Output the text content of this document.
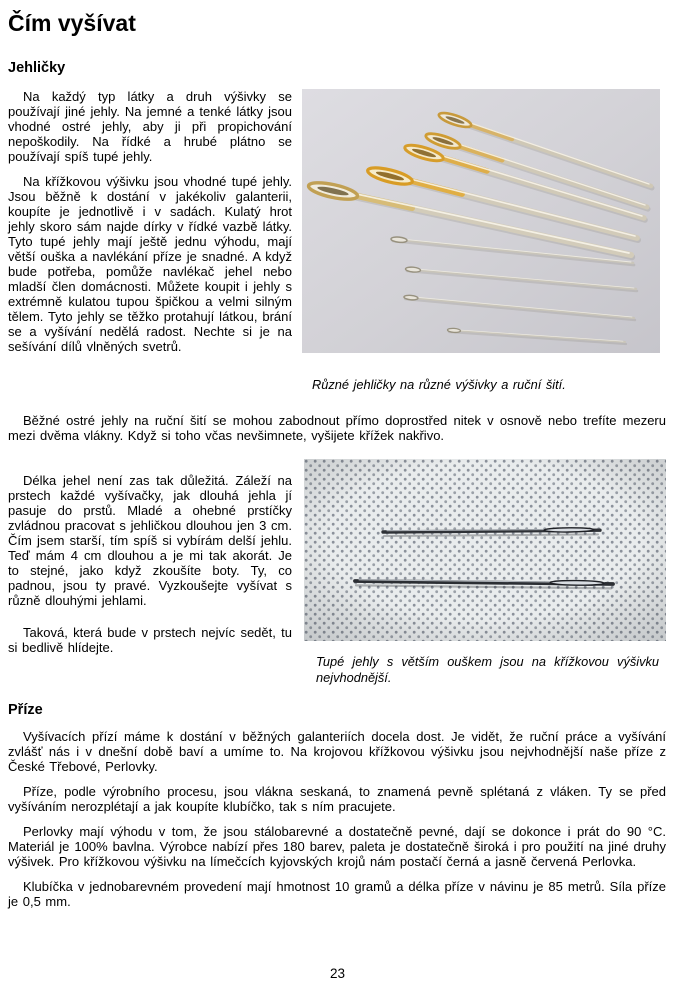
Čím vyšívat
Jehličky

Na každý typ látky a druh výšivky se používají jiné jehly. Na jemné a tenké látky jsou vhodné ostré jehly, aby ji při propichování nepoškodily. Na řídké a hrubé plátno se používají spíš tupé jehly.

Na křížkovou výšivku jsou vhodné tupé jehly. Jsou běžně k dostání v jakékoliv galanterii, koupíte je jednotlivě i v sadách. Kulatý hrot jehly skoro sám najde dírky v řídké vazbě látky. Tyto tupé jehly mají ještě jednu výhodu, mají větší ouška a navlékání příze je snadné. A když bude potřeba, pomůže navlékač jehel nebo mladší člen domácnosti. Můžete koupit i jehly s extrémně kulatou tupou špičkou a velmi silným tělem. Tyto jehly se těžko protahují látkou, brání se a vyšívání nedělá radost. Nechte si je na sešívání dílů vlněných svetrů.

Různé jehličky na různé výšivky a ruční šití.

Běžné ostré jehly na ruční šití se mohou zabodnout přímo doprostřed nitek v osnově nebo trefíte mezeru mezi dvěma vlákny. Když si toho včas nevšimnete, vyšijete křížek nakřivo.

Délka jehel není zas tak důležitá. Záleží na prstech každé vyšívačky, jak dlouhá jehla jí pasuje do prstů. Mladé a ohebné prstíčky zvládnou pracovat s jehličkou dlouhou jen 3 cm. Čím jsem starší, tím spíš si vybírám delší jehlu. Teď mám 4 cm dlouhou a je mi tak akorát. Je to stejné, jako když zkoušíte boty. Ty, co padnou, jsou ty pravé. Vyzkoušejte vyšívat s různě dlouhými jehlami.

Taková, která bude v prstech nejvíc sedět, tu si bedlivě hlídejte.

Tupé jehly s větším ouškem jsou na křížkovou výšivku nejvhodnější.
Příze

Vyšívacích přízí máme k dostání v běžných galanteriích docela dost. Je vidět, že ruční práce a vyšívání zvlášť nás i v dnešní době baví a umíme to. Na krojovou křížkovou výšivku jsou nejvhodnější naše příze z České Třebové, Perlovky.

Příze, podle výrobního procesu, jsou vlákna seskaná, to znamená pevně splétaná z vláken. Ty se před vyšíváním nerozplétají a jak koupíte klubíčko, tak s ním pracujete.

Perlovky mají výhodu v tom, že jsou stálobarevné a dostatečně pevné, dají se dokonce i prát do 90 °C. Materiál je 100% bavlna. Výrobce nabízí přes 180 barev, paleta je dostatečně široká i pro použití na jiné druhy výšivek. Pro křížkovou výšivku na límečcích kyjovských krojů nám postačí černá a jasně červená Perlovka.

Klubíčka v jednobarevném provedení mají hmotnost 10 gramů a délka příze v návinu je 85 metrů. Síla příze je 0,5 mm.

23
